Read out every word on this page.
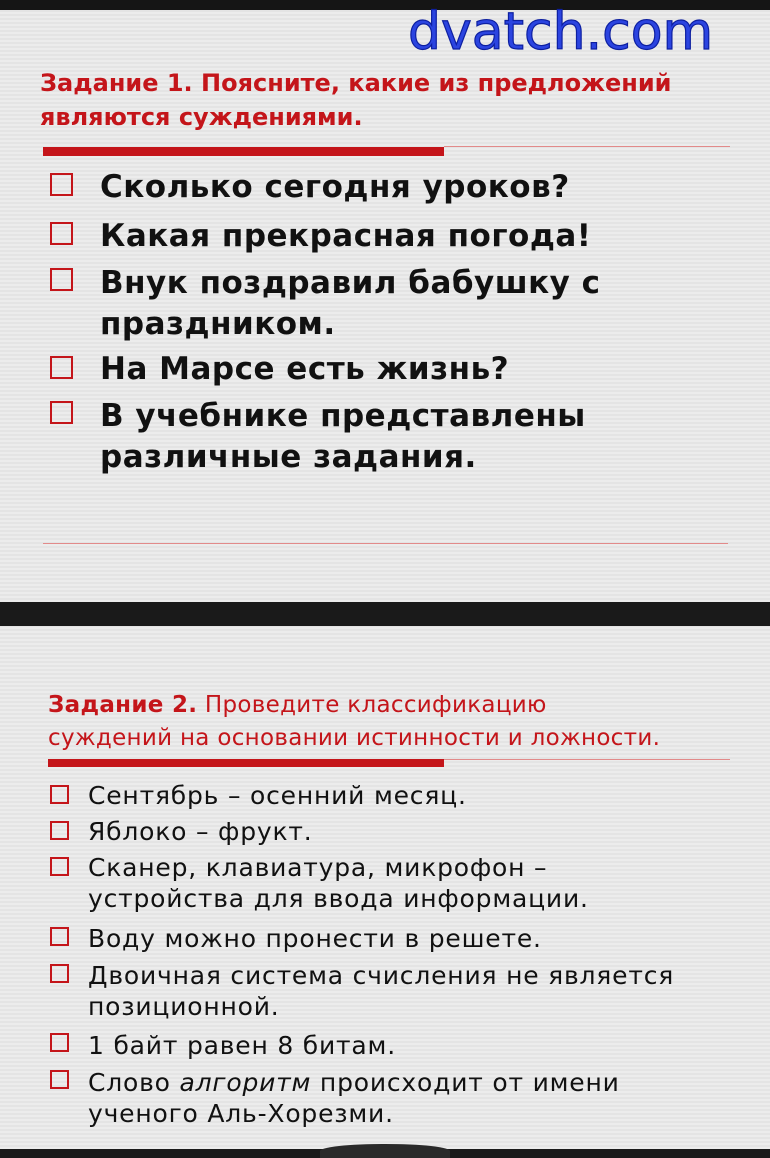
Задание 1. Поясните, какие из предложений
являются суждениями.
Сколько сегодня уроков?
Какая прекрасная погода!
Внук поздравил бабушку с
праздником.
На Марсе есть жизнь?
В учебнике представлены
различные задания.
Задание 2. Проведите классификацию
суждений на основании истинности и ложности.
Сентябрь – осенний месяц.
Яблоко – фрукт.
Сканер, клавиатура, микрофон –
устройства для ввода информации.
Воду можно пронести в решете.
Двоичная система счисления не является
позиционной.
1 байт равен 8 битам.
Слово алгоритм происходит от имени
ученого Аль-Хорезми.
dvatch.com
